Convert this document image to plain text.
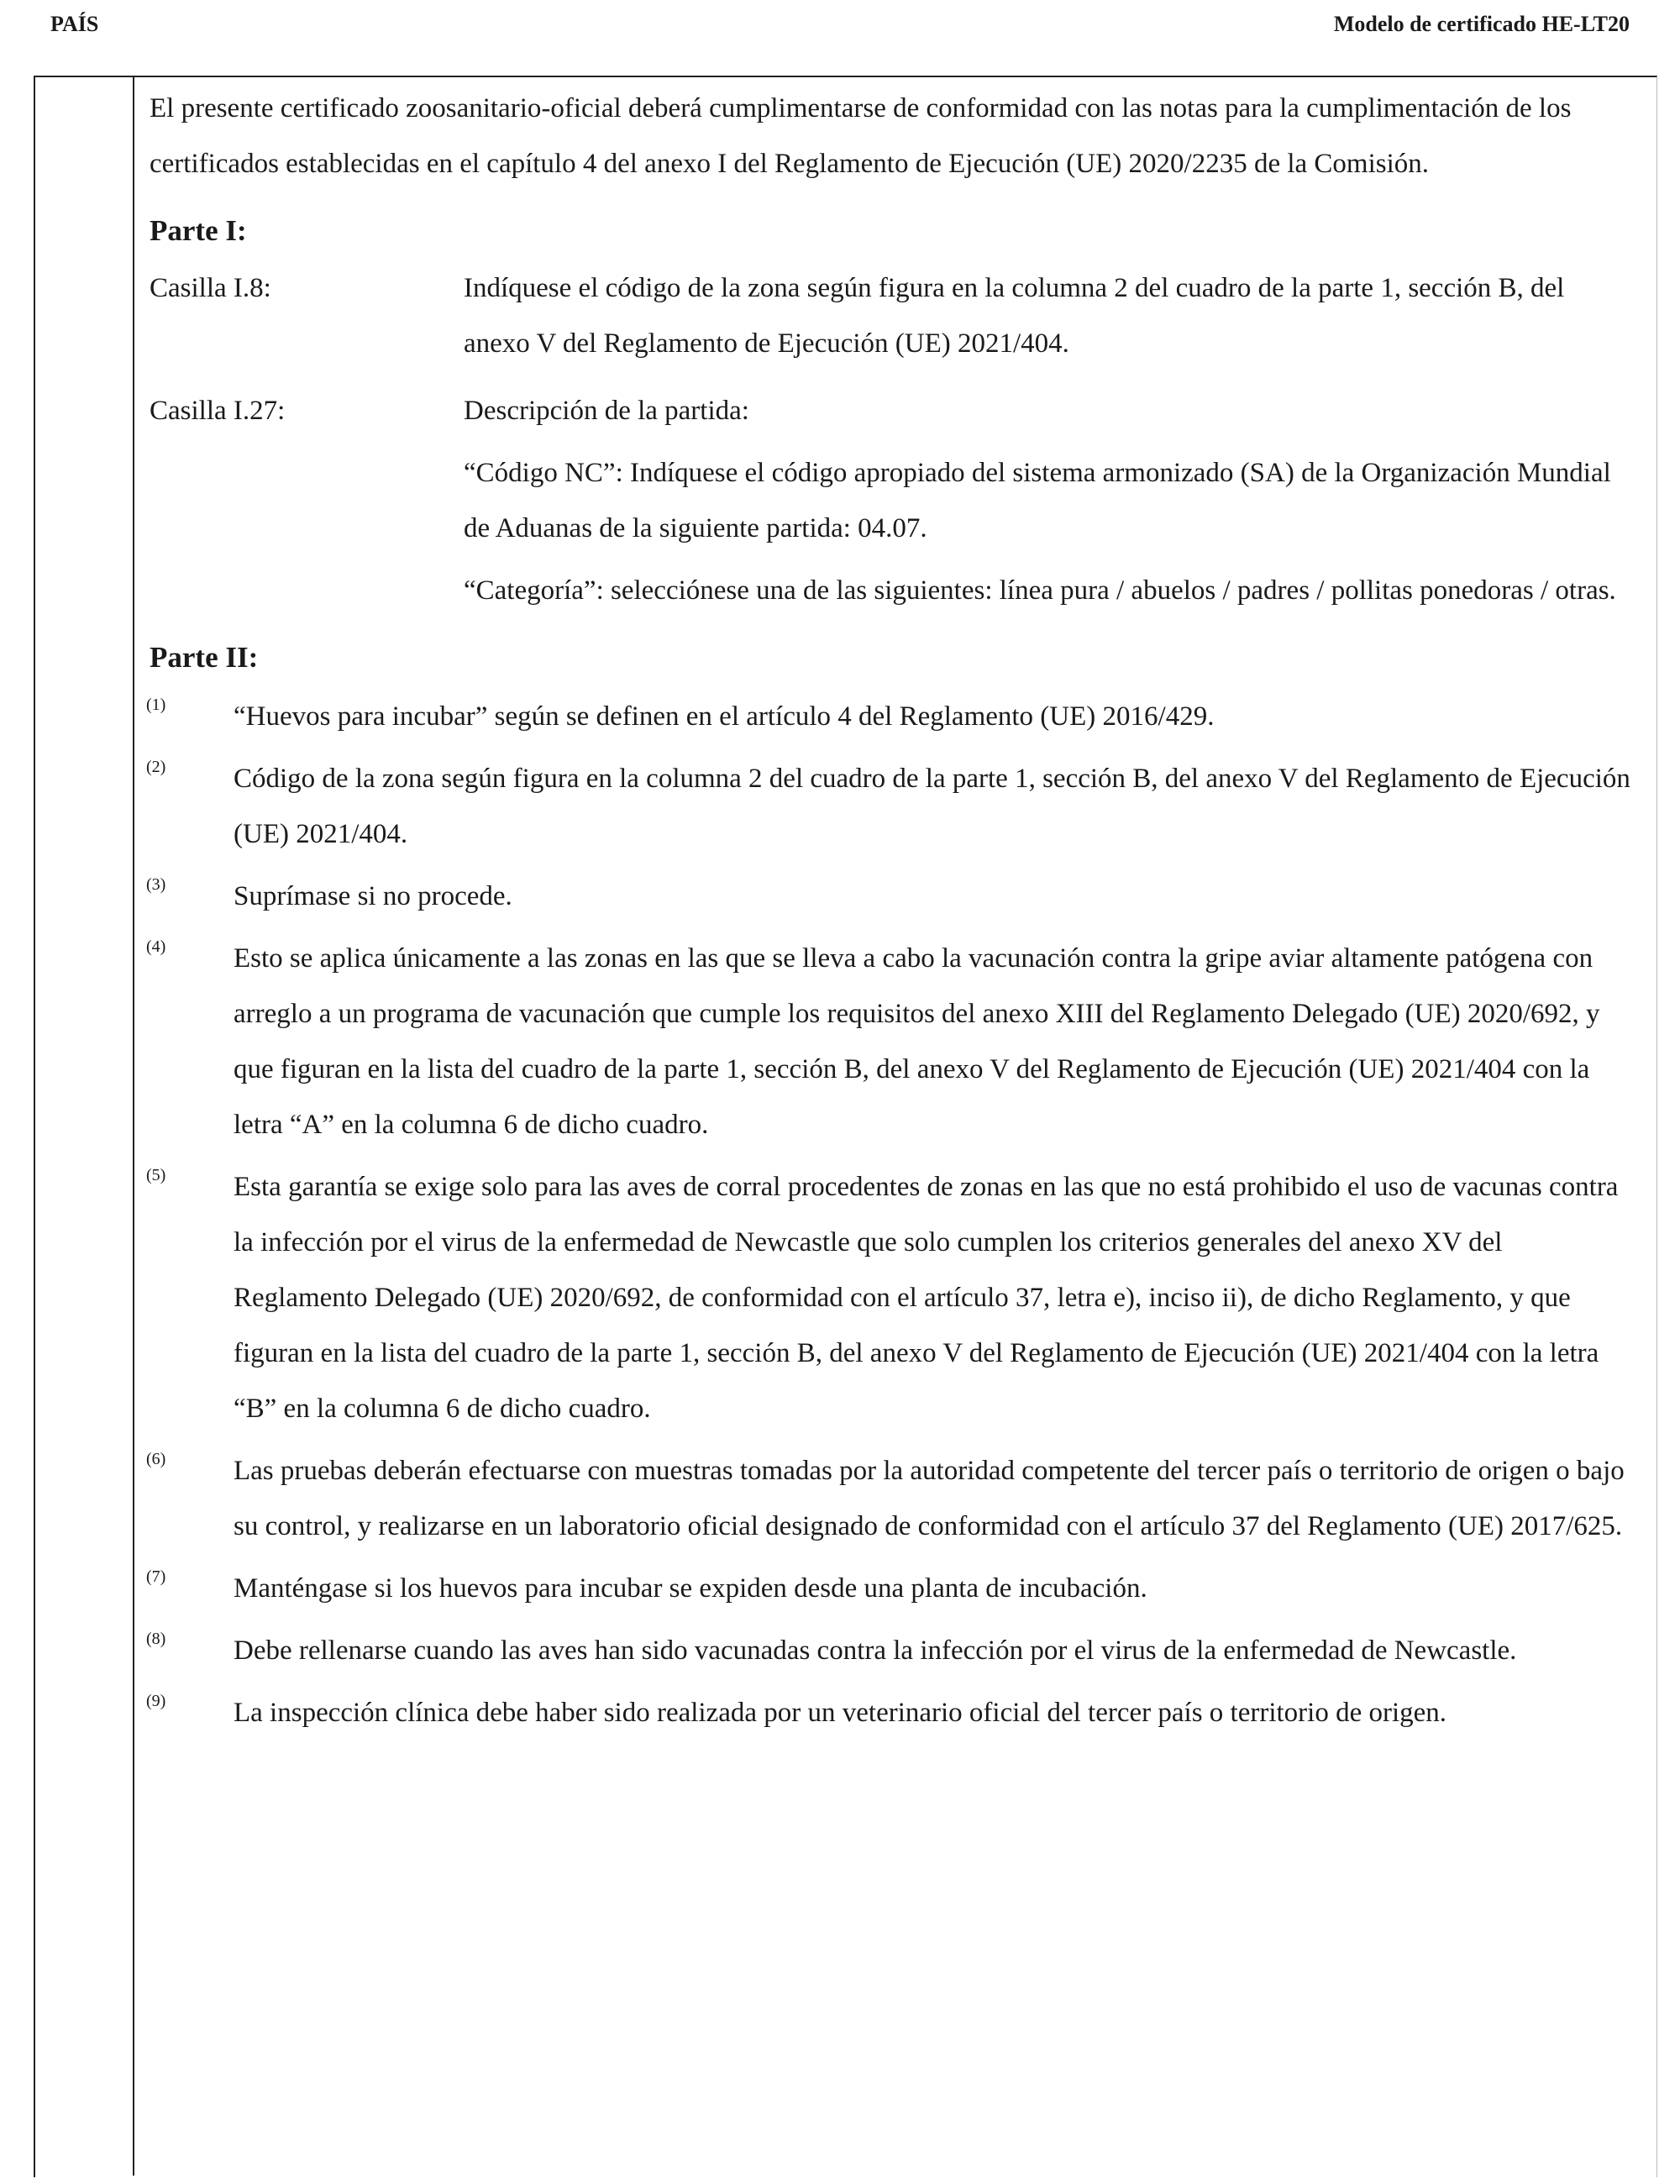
PAÍS	Modelo de certificado HE-LT20

El presente certificado zoosanitario-oficial deberá cumplimentarse de conformidad con las notas para la cumplimentación de los certificados establecidas en el capítulo 4 del anexo I del Reglamento de Ejecución (UE) 2020/2235 de la Comisión.

Parte I:

Casilla I.8:	Indíquese el código de la zona según figura en la columna 2 del cuadro de la parte 1, sección B, del anexo V del Reglamento de Ejecución (UE) 2021/404.

Casilla I.27:	Descripción de la partida:

“Código NC”: Indíquese el código apropiado del sistema armonizado (SA) de la Organización Mundial de Aduanas de la siguiente partida: 04.07.

“Categoría”: selecciónese una de las siguientes: línea pura / abuelos / padres / pollitas ponedoras / otras.

Parte II:

(1) “Huevos para incubar” según se definen en el artículo 4 del Reglamento (UE) 2016/429.
(2) Código de la zona según figura en la columna 2 del cuadro de la parte 1, sección B, del anexo V del Reglamento de Ejecución (UE) 2021/404.
(3) Suprímase si no procede.
(4) Esto se aplica únicamente a las zonas en las que se lleva a cabo la vacunación contra la gripe aviar altamente patógena con arreglo a un programa de vacunación que cumple los requisitos del anexo XIII del Reglamento Delegado (UE) 2020/692, y que figuran en la lista del cuadro de la parte 1, sección B, del anexo V del Reglamento de Ejecución (UE) 2021/404 con la letra “A” en la columna 6 de dicho cuadro.
(5) Esta garantía se exige solo para las aves de corral procedentes de zonas en las que no está prohibido el uso de vacunas contra la infección por el virus de la enfermedad de Newcastle que solo cumplen los criterios generales del anexo XV del Reglamento Delegado (UE) 2020/692, de conformidad con el artículo 37, letra e), inciso ii), de dicho Reglamento, y que figuran en la lista del cuadro de la parte 1, sección B, del anexo V del Reglamento de Ejecución (UE) 2021/404 con la letra “B” en la columna 6 de dicho cuadro.
(6) Las pruebas deberán efectuarse con muestras tomadas por la autoridad competente del tercer país o territorio de origen o bajo su control, y realizarse en un laboratorio oficial designado de conformidad con el artículo 37 del Reglamento (UE) 2017/625.
(7) Manténgase si los huevos para incubar se expiden desde una planta de incubación.
(8) Debe rellenarse cuando las aves han sido vacunadas contra la infección por el virus de la enfermedad de Newcastle.
(9) La inspección clínica debe haber sido realizada por un veterinario oficial del tercer país o territorio de origen.
